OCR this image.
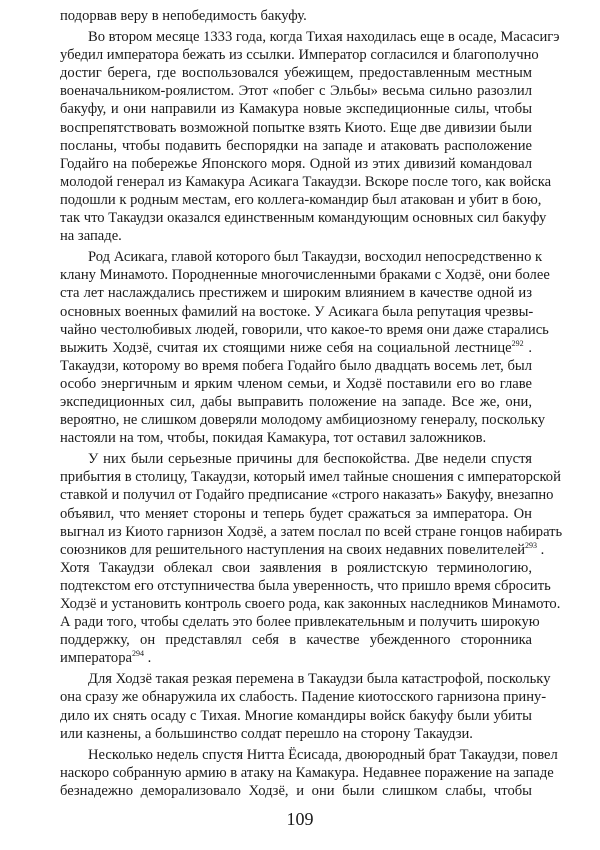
подорвав веру в непобедимость бакуфу.
Во втором месяце 1333 года, когда Тихая находилась еще в осаде, Масасигэ
убедил императора бежать из ссылки. Император согласился и благополучно
достиг берега, где воспользовался убежищем, предоставленным местным
военачальником-роялистом. Этот «побег с Эльбы» весьма сильно разозлил
бакуфу, и они направили из Камакура новые экспедиционные силы, чтобы
воспрепятствовать возможной попытке взять Киото. Еще две дивизии были
посланы, чтобы подавить беспорядки на западе и атаковать расположение
Годайго на побережье Японского моря. Одной из этих дивизий командовал
молодой генерал из Камакура Асикага Такаудзи. Вскоре после того, как войска
подошли к родным местам, его коллега-командир был атакован и убит в бою,
так что Такаудзи оказался единственным командующим основных сил бакуфу
на западе.
Род Асикага, главой которого был Такаудзи, восходил непосредственно к
клану Минамото. Породненные многочисленными браками с Ходзё, они более
ста лет наслаждались престижем и широким влиянием в качестве одной из
основных военных фамилий на востоке. У Асикага была репутация чрезвы-
чайно честолюбивых людей, говорили, что какое-то время они даже старались
выжить Ходзё, считая их стоящими ниже себя на социальной лестнице$^{292}$ .
Такаудзи, которому во время побега Годайго было двадцать восемь лет, был
особо энергичным и ярким членом семьи, и Ходзё поставили его во главе
экспедиционных сил, дабы выправить положение на западе. Все же, они,
вероятно, не слишком доверяли молодому амбициозному генералу, поскольку
настояли на том, чтобы, покидая Камакура, тот оставил заложников.
У них были серьезные причины для беспокойства. Две недели спустя
прибытия в столицу, Такаудзи, который имел тайные сношения с императорской
ставкой и получил от Годайго предписание «строго наказать» Бакуфу, внезапно
объявил, что меняет стороны и теперь будет сражаться за императора. Он
выгнал из Киото гарнизон Ходзё, а затем послал по всей стране гонцов набирать
союзников для решительного наступления на своих недавних повелителей$^{293}$ .
Хотя Такаудзи облекал свои заявления в роялистскую терминологию,
подтекстом его отступничества была уверенность, что пришло время сбросить
Ходзё и установить контроль своего рода, как законных наследников Минамото.
А ради того, чтобы сделать это более привлекательным и получить широкую
поддержку, он представлял себя в качестве убежденного сторонника
императора$^{294}$ .
Для Ходзё такая резкая перемена в Такаудзи была катастрофой, поскольку
она сразу же обнаружила их слабость. Падение киотосского гарнизона прину-
дило их снять осаду с Тихая. Многие командиры войск бакуфу были убиты
или казнены, а большинство солдат перешло на сторону Такаудзи.
Несколько недель спустя Нитта Ёсисада, двоюродный брат Такаудзи, повел
наскоро собранную армию в атаку на Камакура. Недавнее поражение на западе
безнадежно деморализовало Ходзё, и они были слишком слабы, чтобы
109
